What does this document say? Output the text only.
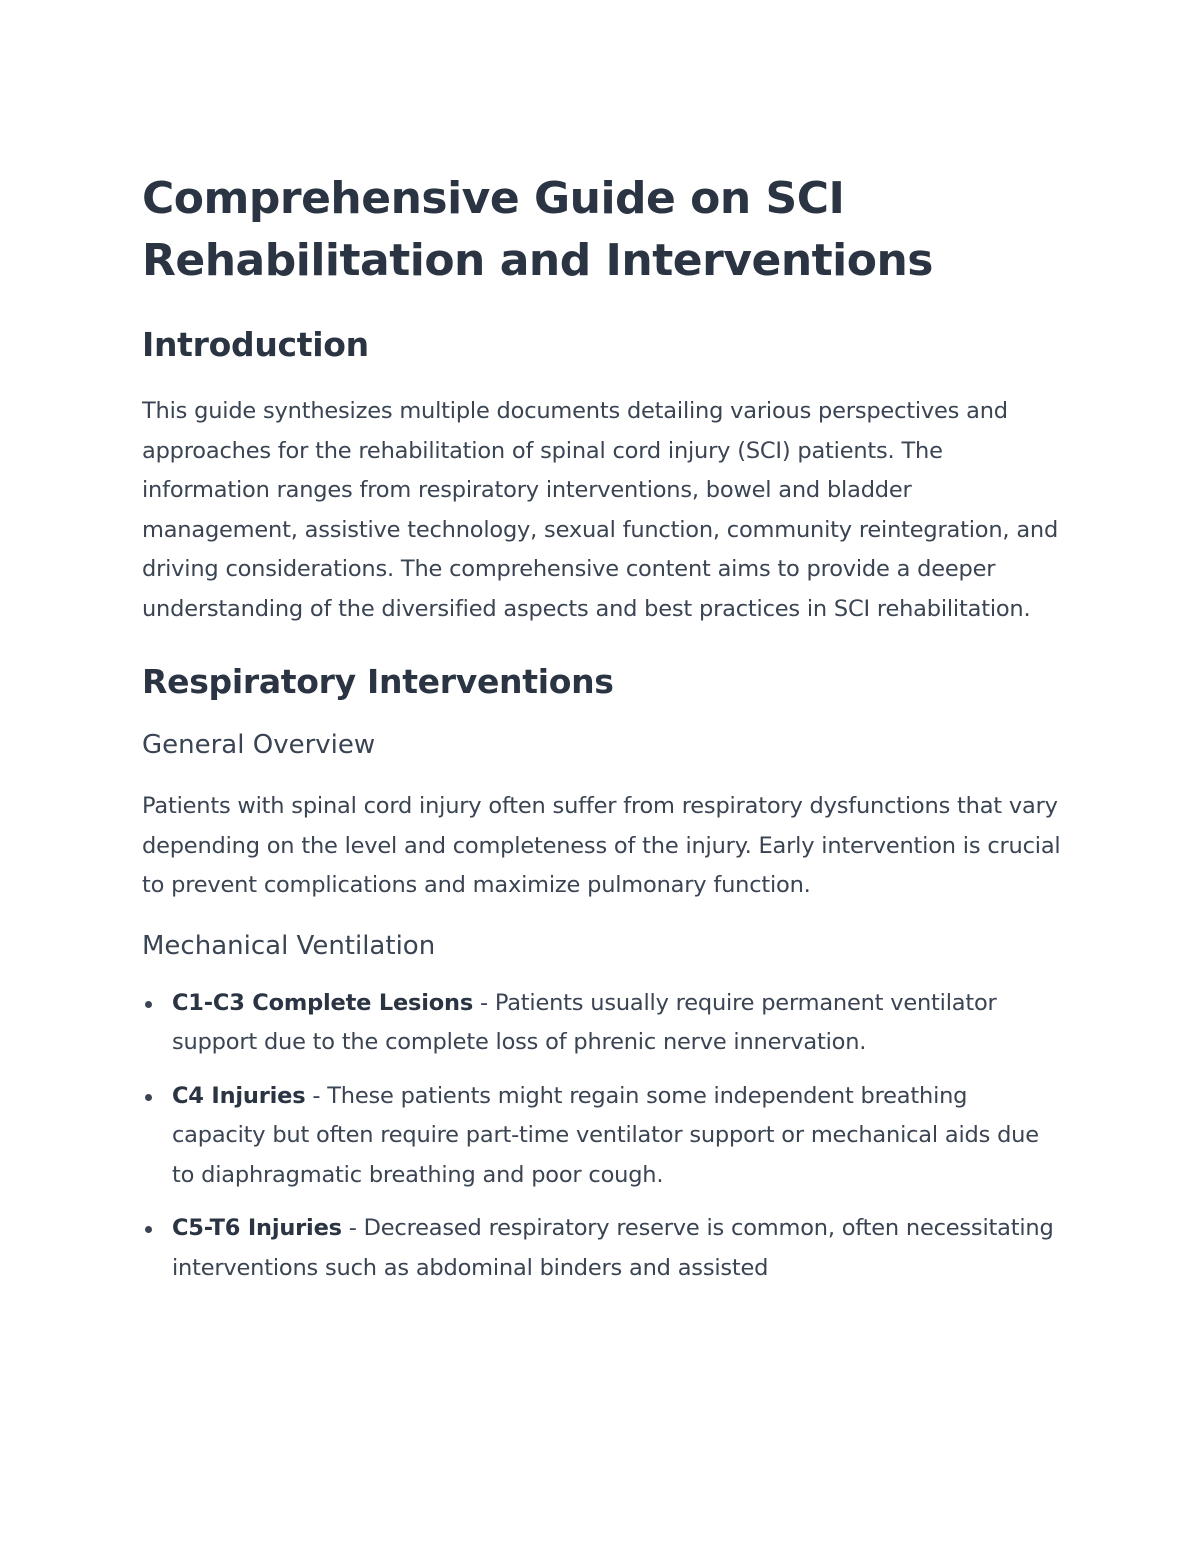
Comprehensive Guide on SCI Rehabilitation and Interventions
Introduction

This guide synthesizes multiple documents detailing various perspectives and approaches for the rehabilitation of spinal cord injury (SCI) patients. The information ranges from respiratory interventions, bowel and bladder management, assistive technology, sexual function, community reintegration, and driving considerations. The comprehensive content aims to provide a deeper understanding of the diversified aspects and best practices in SCI rehabilitation.

Respiratory Interventions
General Overview

Patients with spinal cord injury often suffer from respiratory dysfunctions that vary depending on the level and completeness of the injury. Early intervention is crucial to prevent complications and maximize pulmonary function.

Mechanical Ventilation
C1-C3 Complete Lesions - Patients usually require permanent ventilator support due to the complete loss of phrenic nerve innervation.
C4 Injuries - These patients might regain some independent breathing capacity but often require part-time ventilator support or mechanical aids due to diaphragmatic breathing and poor cough.
C5-T6 Injuries - Decreased respiratory reserve is common, often necessitating interventions such as abdominal binders and assisted
